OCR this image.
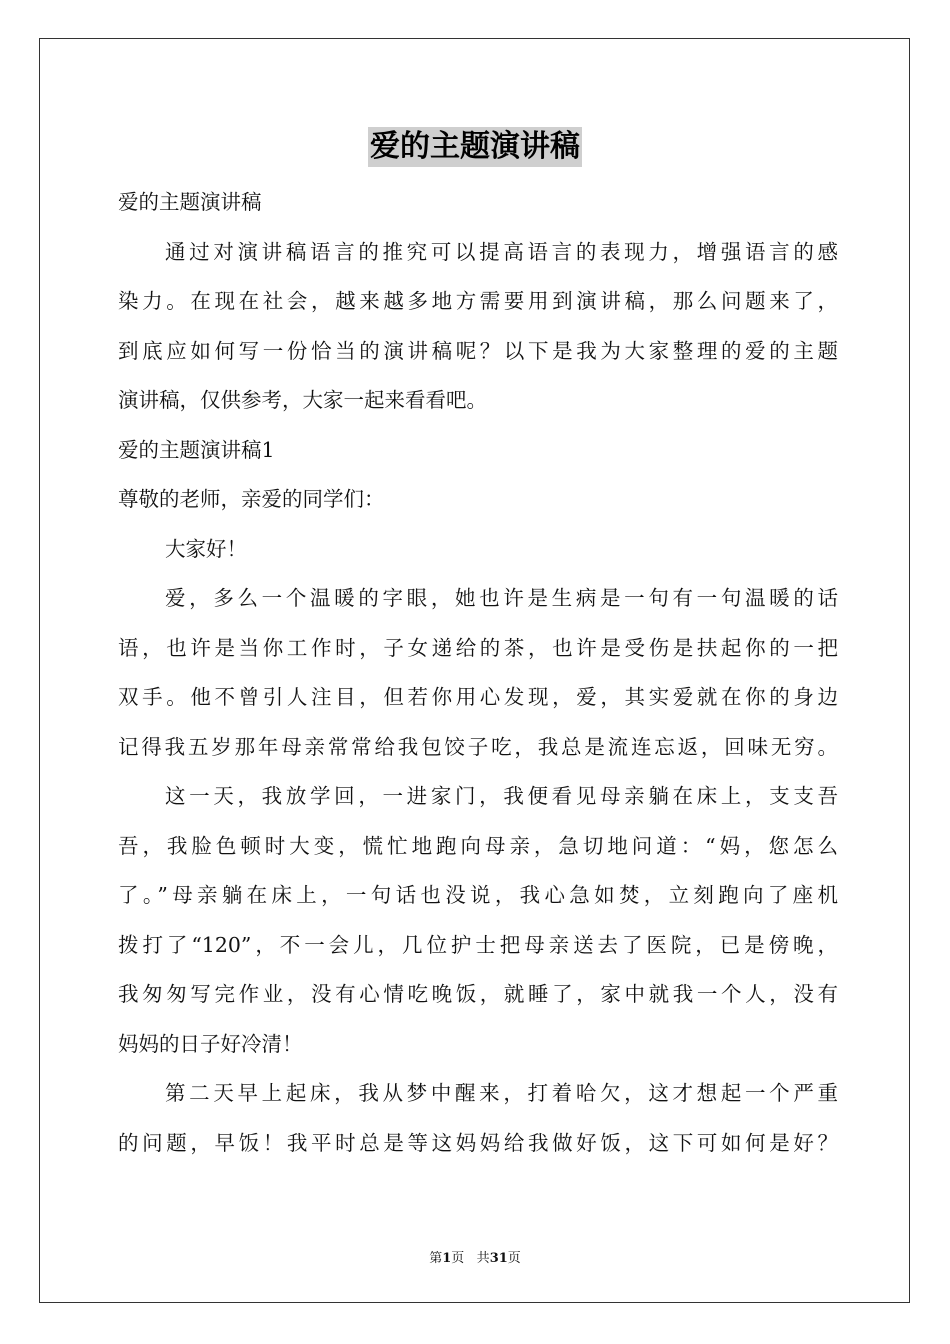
爱的主题演讲稿
爱的主题演讲稿
通过对演讲稿语言的推究可以提高语言的表现力，增强语言的感
染力。在现在社会，越来越多地方需要用到演讲稿，那么问题来了，
到底应如何写一份恰当的演讲稿呢？以下是我为大家整理的爱的主题
演讲稿，仅供参考，大家一起来看看吧。
爱的主题演讲稿1
尊敬的老师，亲爱的同学们：
大家好！
爱，多么一个温暖的字眼，她也许是生病是一句有一句温暖的话
语，也许是当你工作时，子女递给的茶，也许是受伤是扶起你的一把
双手。他不曾引人注目，但若你用心发现，爱，其实爱就在你的身边
记得我五岁那年母亲常常给我包饺子吃，我总是流连忘返，回味无穷。
这一天，我放学回，一进家门，我便看见母亲躺在床上，支支吾
吾，我脸色顿时大变，慌忙地跑向母亲，急切地问道：“妈，您怎么
了。”母亲躺在床上，一句话也没说，我心急如焚，立刻跑向了座机
拨打了“120”，不一会儿，几位护士把母亲送去了医院，已是傍晚，
我匆匆写完作业，没有心情吃晚饭，就睡了，家中就我一个人，没有
妈妈的日子好冷清！
第二天早上起床，我从梦中醒来，打着哈欠，这才想起一个严重
的问题，早饭！我平时总是等这妈妈给我做好饭，这下可如何是好？
第1页 共31页
